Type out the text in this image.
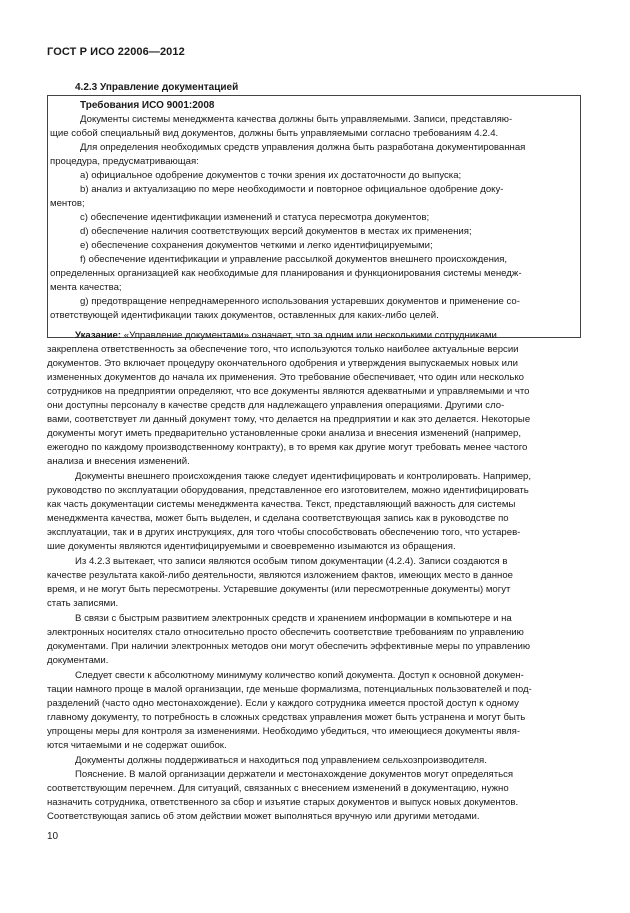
ГОСТ Р ИСО 22006—2012
4.2.3 Управление документацией
Требования ИСО 9001:2008
Документы системы менеджмента качества должны быть управляемыми. Записи, представляю-
щие собой специальный вид документов, должны быть управляемыми согласно требованиям 4.2.4.
Для определения необходимых средств управления должна быть разработана документированная
процедура, предусматривающая:
a) официальное одобрение документов с точки зрения их достаточности до выпуска;
b) анализ и актуализацию по мере необходимости и повторное официальное одобрение доку-
ментов;
c) обеспечение идентификации изменений и статуса пересмотра документов;
d) обеспечение наличия соответствующих версий документов в местах их применения;
e) обеспечение сохранения документов четкими и легко идентифицируемыми;
f) обеспечение идентификации и управление рассылкой документов внешнего происхождения,
определенных организацией как необходимые для планирования и функционирования системы менедж-
мента качества;
g) предотвращение непреднамеренного использования устаревших документов и применение со-
ответствующей идентификации таких документов, оставленных для каких-либо целей.
Указание: «Управление документами» означает, что за одним или несколькими сотрудниками
закреплена ответственность за обеспечение того, что используются только наиболее актуальные версии
документов. Это включает процедуру окончательного одобрения и утверждения выпускаемых новых или
измененных документов до начала их применения. Это требование обеспечивает, что один или несколько
сотрудников на предприятии определяют, что все документы являются адекватными и управляемыми и что
они доступны персоналу в качестве средств для надлежащего управления операциями. Другими сло-
вами, соответствует ли данный документ тому, что делается на предприятии и как это делается. Некоторые
документы могут иметь предварительно установленные сроки анализа и внесения изменений (например,
ежегодно по каждому производственному контракту), в то время как другие могут требовать менее частого
анализа и внесения изменений.
Документы внешнего происхождения также следует идентифицировать и контролировать. Например,
руководство по эксплуатации оборудования, представленное его изготовителем, можно идентифицировать
как часть документации системы менеджмента качества. Текст, представляющий важность для системы
менеджмента качества, может быть выделен, и сделана соответствующая запись как в руководстве по
эксплуатации, так и в других инструкциях, для того чтобы способствовать обеспечению того, что устарев-
шие документы являются идентифицируемыми и своевременно изымаются из обращения.
Из 4.2.3 вытекает, что записи являются особым типом документации (4.2.4). Записи создаются в
качестве результата какой-либо деятельности, являются изложением фактов, имеющих место в данное
время, и не могут быть пересмотрены. Устаревшие документы (или пересмотренные документы) могут
стать записями.
В связи с быстрым развитием электронных средств и хранением информации в компьютере и на
электронных носителях стало относительно просто обеспечить соответствие требованиям по управлению
документами. При наличии электронных методов они могут обеспечить эффективные меры по управлению
документами.
Следует свести к абсолютному минимуму количество копий документа. Доступ к основной докумен-
тации намного проще в малой организации, где меньше формализма, потенциальных пользователей и под-
разделений (часто одно местонахождение). Если у каждого сотрудника имеется простой доступ к одному
главному документу, то потребность в сложных средствах управления может быть устранена и могут быть
упрощены меры для контроля за изменениями. Необходимо убедиться, что имеющиеся документы явля-
ются читаемыми и не содержат ошибок.
Документы должны поддерживаться и находиться под управлением сельхозпроизводителя.
Пояснение. В малой организации держатели и местонахождение документов могут определяться
соответствующим перечнем. Для ситуаций, связанных с внесением изменений в документацию, нужно
назначить сотрудника, ответственного за сбор и изъятие старых документов и выпуск новых документов.
Соответствующая запись об этом действии может выполняться вручную или другими методами.
10
